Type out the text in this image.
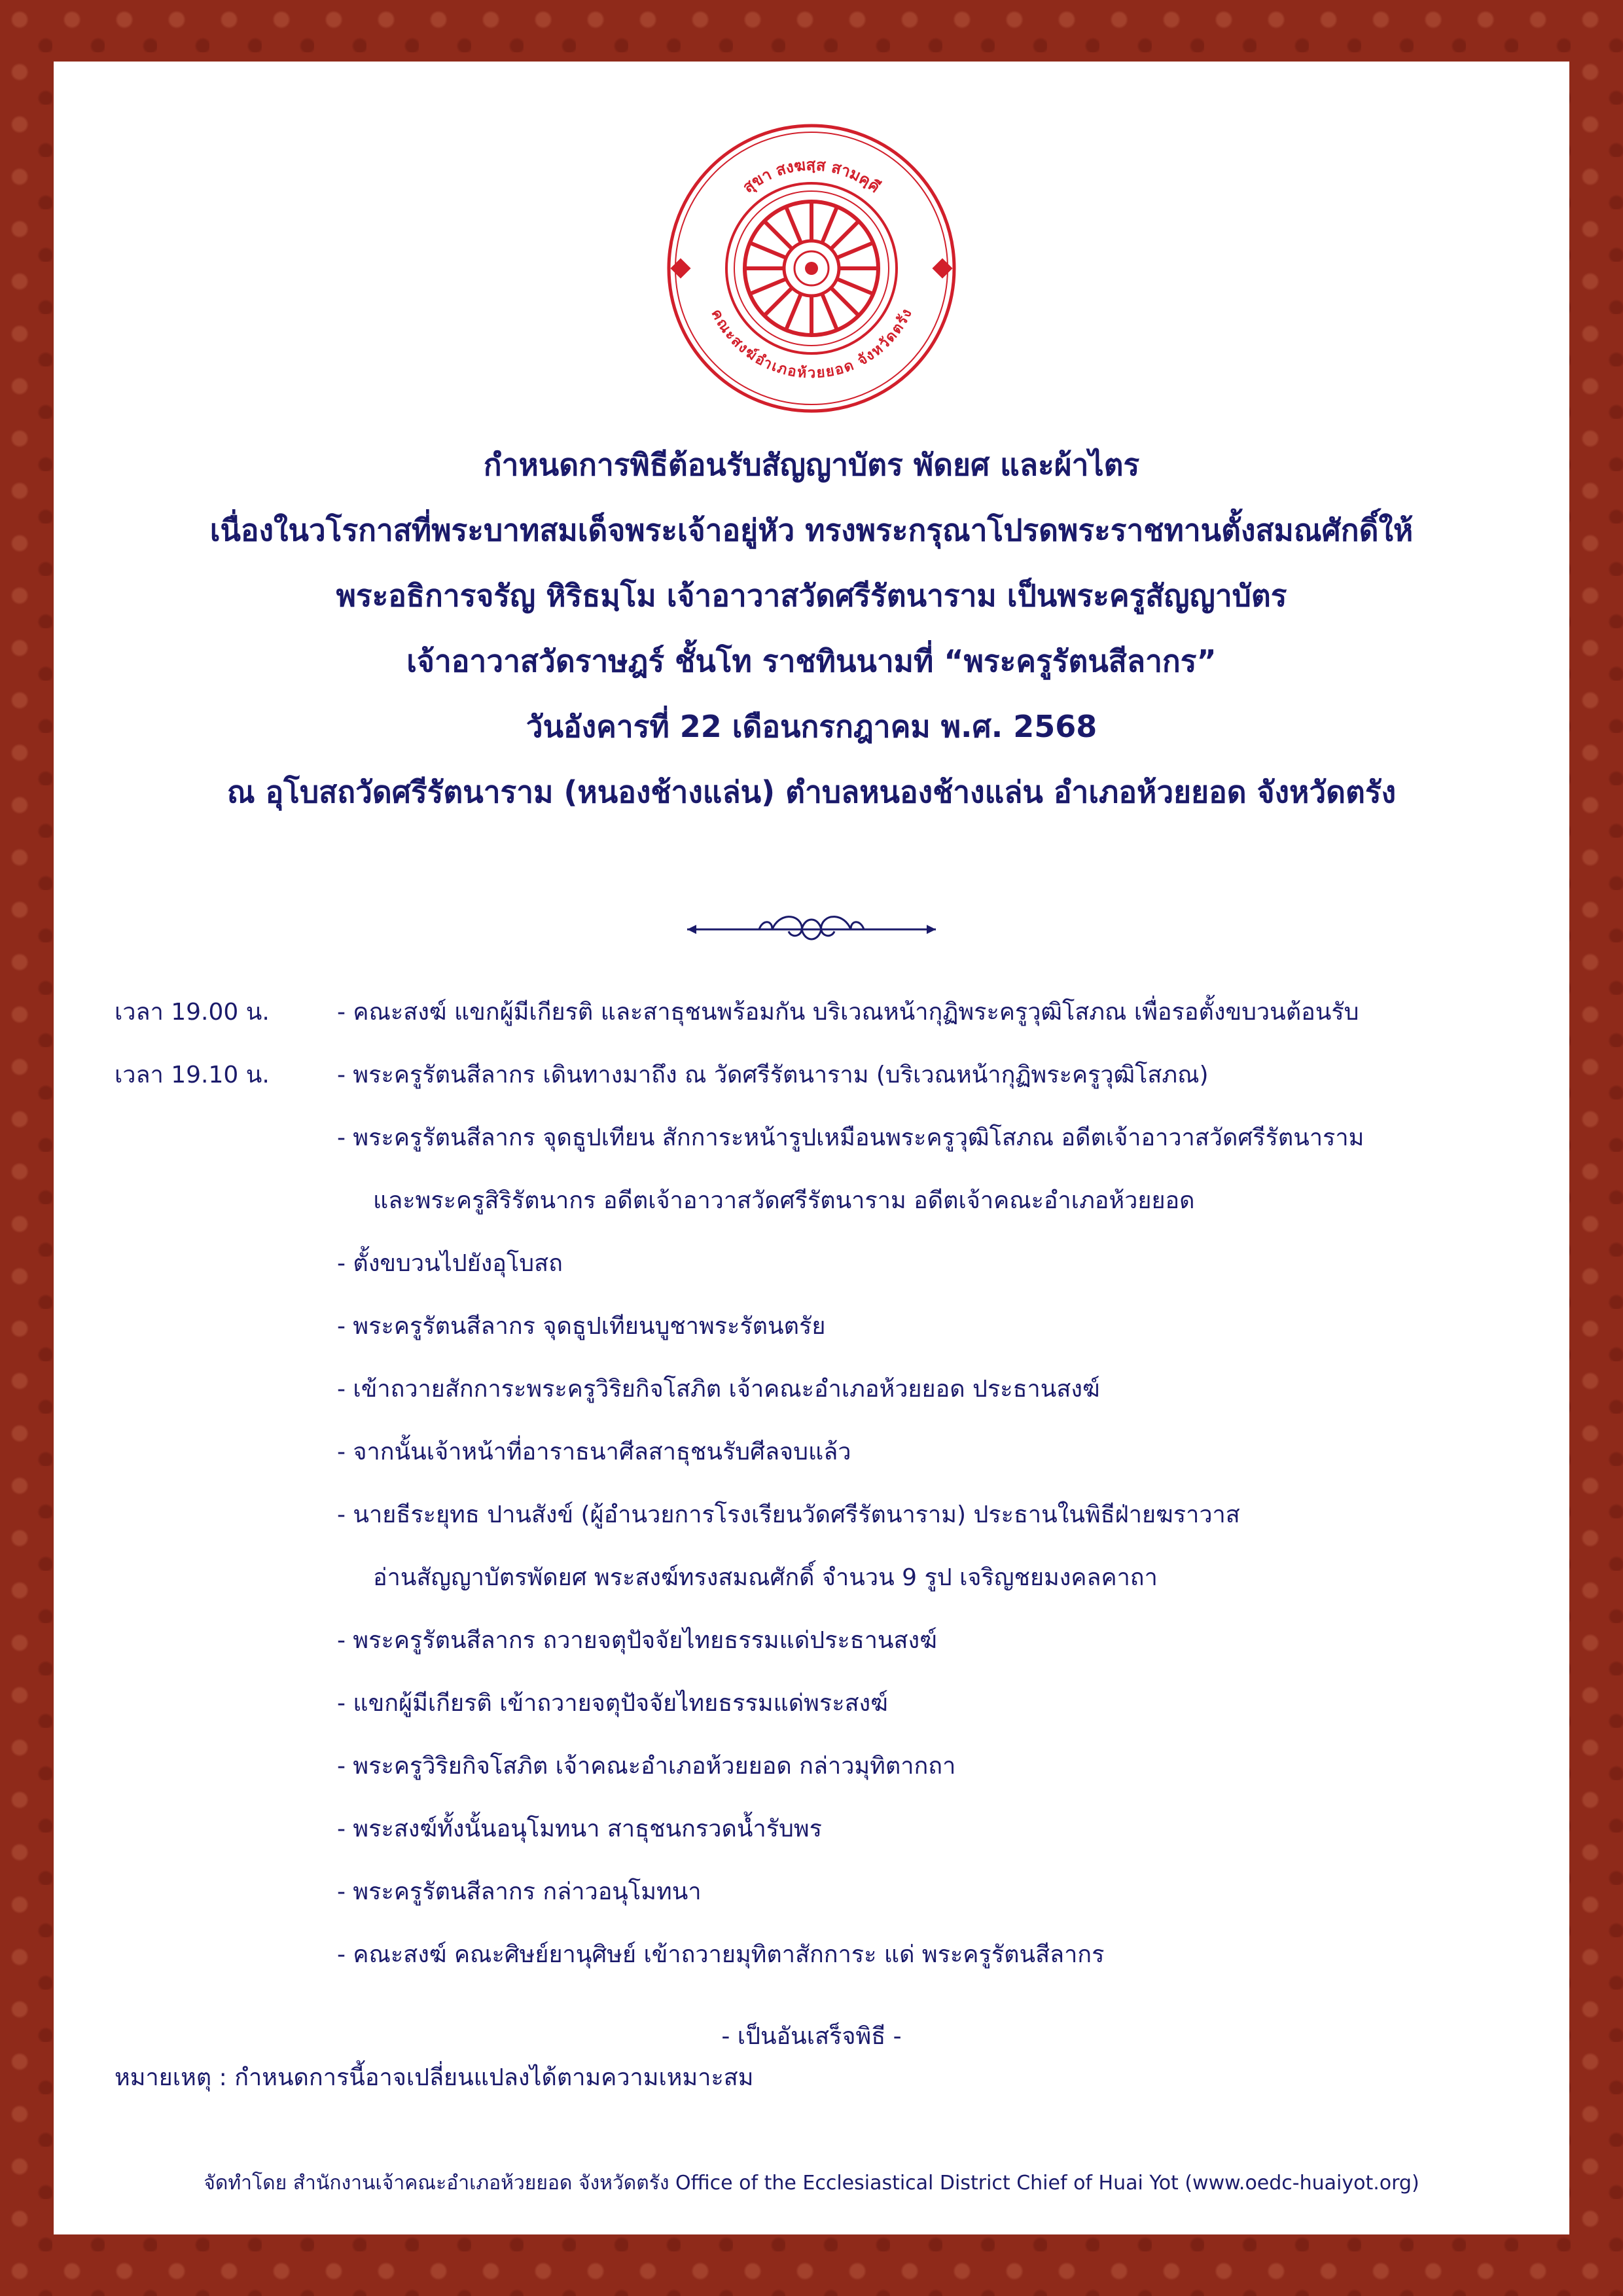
สุขา สงฆสฺส สามคฺคี
คณะสงฆ์อำเภอห้วยยอด จังหวัดตรัง
กำหนดการพิธีต้อนรับสัญญาบัตร พัดยศ และผ้าไตร
เนื่องในวโรกาสที่พระบาทสมเด็จพระเจ้าอยู่หัว ทรงพระกรุณาโปรดพระราชทานตั้งสมณศักดิ์ให้
พระอธิการจรัญ หิริธมฺโม เจ้าอาวาสวัดศรีรัตนาราม เป็นพระครูสัญญาบัตร
เจ้าอาวาสวัดราษฎร์ ชั้นโท ราชทินนามที่ “พระครูรัตนสีลากร”
วันอังคารที่ 22 เดือนกรกฎาคม พ.ศ. 2568
ณ อุโบสถวัดศรีรัตนาราม (หนองช้างแล่น) ตำบลหนองช้างแล่น อำเภอห้วยยอด จังหวัดตรัง
เวลา 19.00 น.	- คณะสงฆ์ แขกผู้มีเกียรติ และสาธุชนพร้อมกัน บริเวณหน้ากุฏิพระครูวุฒิโสภณ เพื่อรอตั้งขบวนต้อนรับ
เวลา 19.10 น.	- พระครูรัตนสีลากร เดินทางมาถึง ณ วัดศรีรัตนาราม (บริเวณหน้ากุฏิพระครูวุฒิโสภณ)
- พระครูรัตนสีลากร จุดธูปเทียน สักการะหน้ารูปเหมือนพระครูวุฒิโสภณ อดีตเจ้าอาวาสวัดศรีรัตนาราม
และพระครูสิริรัตนากร อดีตเจ้าอาวาสวัดศรีรัตนาราม อดีตเจ้าคณะอำเภอห้วยยอด
- ตั้งขบวนไปยังอุโบสถ
- พระครูรัตนสีลากร จุดธูปเทียนบูชาพระรัตนตรัย
- เข้าถวายสักการะพระครูวิริยกิจโสภิต เจ้าคณะอำเภอห้วยยอด ประธานสงฆ์
- จากนั้นเจ้าหน้าที่อาราธนาศีลสาธุชนรับศีลจบแล้ว
- นายธีระยุทธ ปานสังข์ (ผู้อำนวยการโรงเรียนวัดศรีรัตนาราม) ประธานในพิธีฝ่ายฆราวาส
อ่านสัญญาบัตรพัดยศ พระสงฆ์ทรงสมณศักดิ์ จำนวน 9 รูป เจริญชยมงคลคาถา
- พระครูรัตนสีลากร ถวายจตุปัจจัยไทยธรรมแด่ประธานสงฆ์
- แขกผู้มีเกียรติ เข้าถวายจตุปัจจัยไทยธรรมแด่พระสงฆ์
- พระครูวิริยกิจโสภิต เจ้าคณะอำเภอห้วยยอด กล่าวมุทิตากถา
- พระสงฆ์ทั้งนั้นอนุโมทนา สาธุชนกรวดน้ำรับพร
- พระครูรัตนสีลากร กล่าวอนุโมทนา
- คณะสงฆ์ คณะศิษย์ยานุศิษย์ เข้าถวายมุทิตาสักการะ แด่ พระครูรัตนสีลากร
- เป็นอันเสร็จพิธี -
หมายเหตุ : กำหนดการนี้อาจเปลี่ยนแปลงได้ตามความเหมาะสม
จัดทำโดย สำนักงานเจ้าคณะอำเภอห้วยยอด จังหวัดตรัง Office of the Ecclesiastical District Chief of Huai Yot (www.oedc-huaiyot.org)
